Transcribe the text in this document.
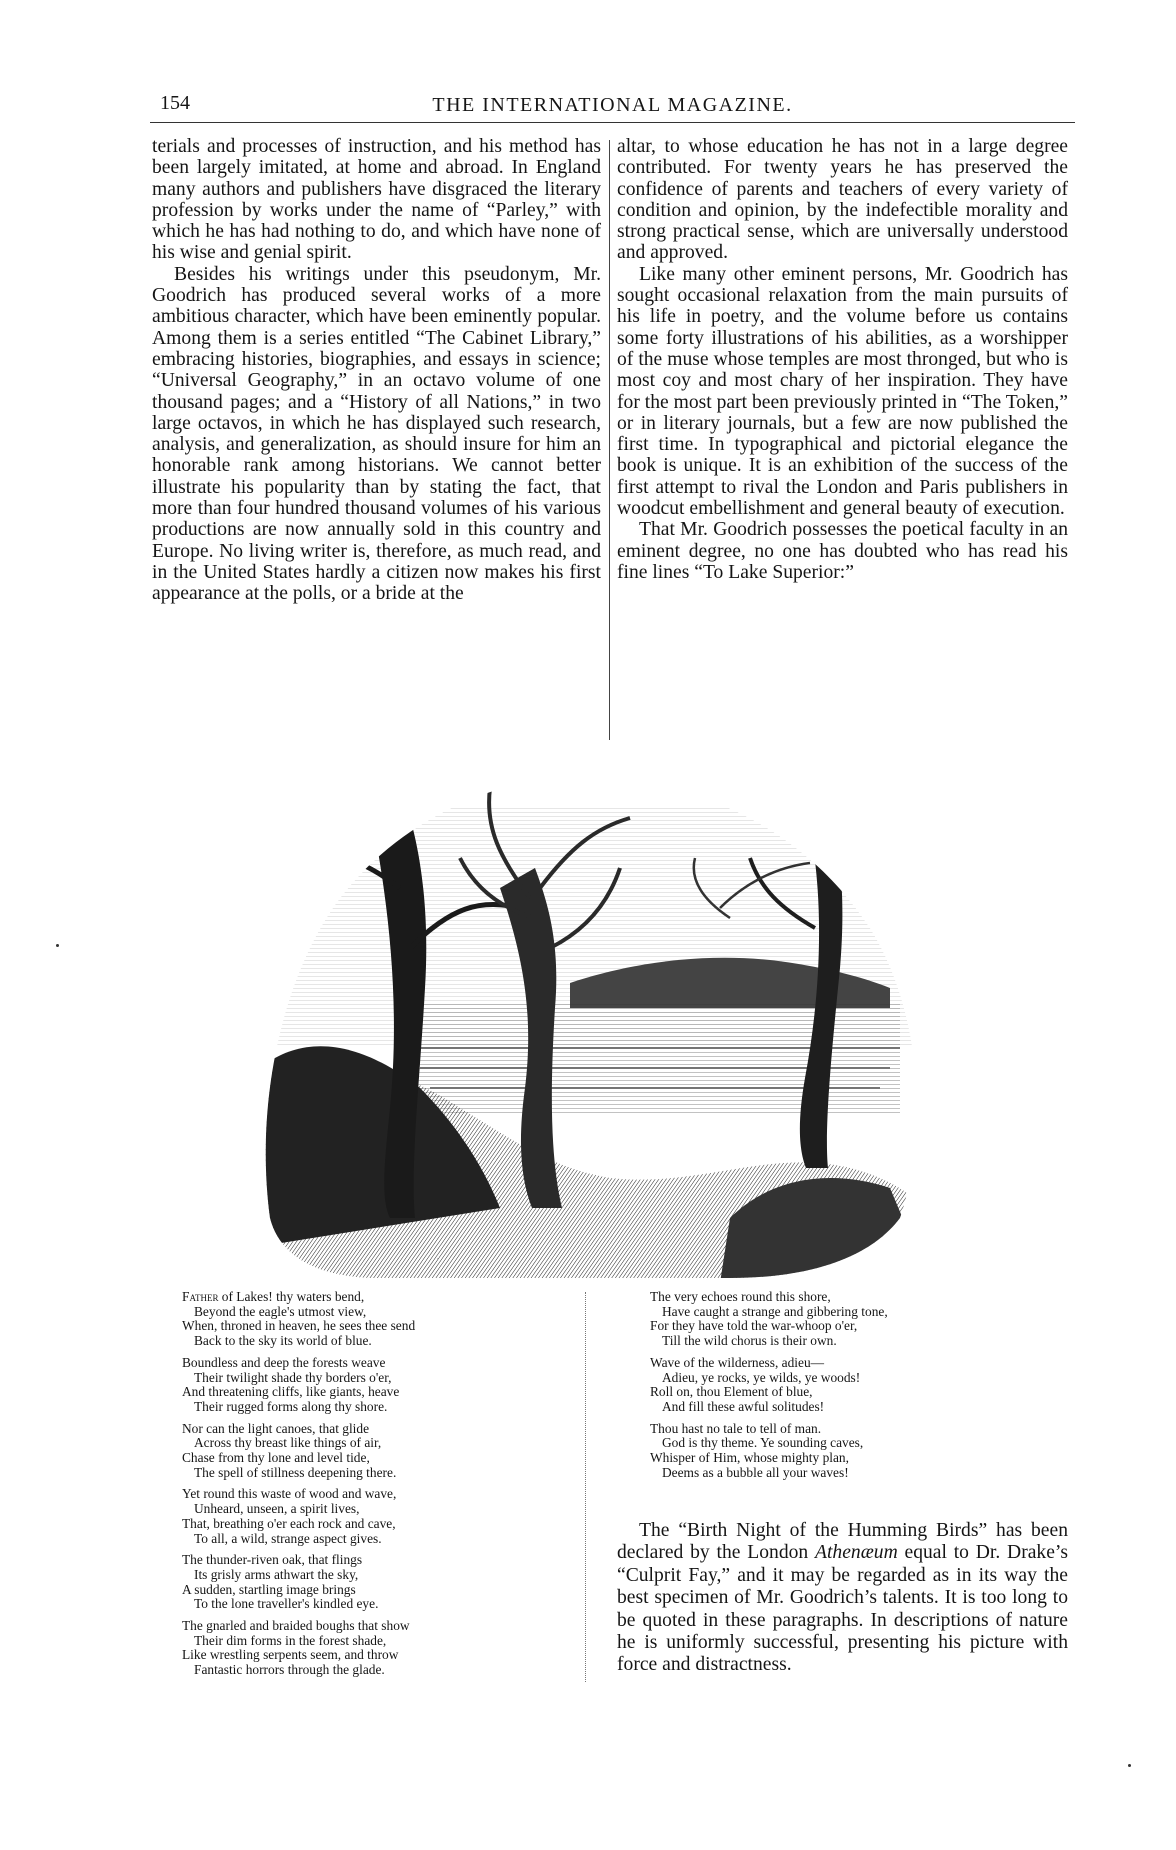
154	THE INTERNATIONAL MAGAZINE.

terials and processes of instruction, and his method has been largely imitated, at home and abroad. In England many authors and publishers have disgraced the literary profession by works under the name of “Parley,” with which he has had nothing to do, and which have none of his wise and genial spirit.

Besides his writings under this pseudonym, Mr. Goodrich has produced several works of a more ambitious character, which have been eminently popular. Among them is a series entitled “The Cabinet Library,” embracing histories, biographies, and essays in science; “Universal Geography,” in an octavo volume of one thousand pages; and a “History of all Nations,” in two large octavos, in which he has displayed such research, analysis, and generalization, as should insure for him an honorable rank among historians. We cannot better illustrate his popularity than by stating the fact, that more than four hundred thousand volumes of his various productions are now annually sold in this country and Europe. No living writer is, therefore, as much read, and in the United States hardly a citizen now makes his first appearance at the polls, or a bride at the

altar, to whose education he has not in a large degree contributed. For twenty years he has preserved the confidence of parents and teachers of every variety of condition and opinion, by the indefectible morality and strong practical sense, which are universally understood and approved.

Like many other eminent persons, Mr. Goodrich has sought occasional relaxation from the main pursuits of his life in poetry, and the volume before us contains some forty illustrations of his abilities, as a worshipper of the muse whose temples are most thronged, but who is most coy and most chary of her inspiration. They have for the most part been previously printed in “The Token,” or in literary journals, but a few are now published the first time. In typographical and pictorial elegance the book is unique. It is an exhibition of the success of the first attempt to rival the London and Paris publishers in woodcut embellishment and general beauty of execution.

That Mr. Goodrich possesses the poetical faculty in an eminent degree, no one has doubted who has read his fine lines “To Lake Superior:”

Father of Lakes! thy waters bend,
Beyond the eagle's utmost view,
When, throned in heaven, he sees thee send
Back to the sky its world of blue.
Boundless and deep the forests weave
Their twilight shade thy borders o'er,
And threatening cliffs, like giants, heave
Their rugged forms along thy shore.
Nor can the light canoes, that glide
Across thy breast like things of air,
Chase from thy lone and level tide,
The spell of stillness deepening there.
Yet round this waste of wood and wave,
Unheard, unseen, a spirit lives,
That, breathing o'er each rock and cave,
To all, a wild, strange aspect gives.
The thunder-riven oak, that flings
Its grisly arms athwart the sky,
A sudden, startling image brings
To the lone traveller's kindled eye.
The gnarled and braided boughs that show
Their dim forms in the forest shade,
Like wrestling serpents seem, and throw
Fantastic horrors through the glade.
The very echoes round this shore,
Have caught a strange and gibbering tone,
For they have told the war-whoop o'er,
Till the wild chorus is their own.
Wave of the wilderness, adieu—
Adieu, ye rocks, ye wilds, ye woods!
Roll on, thou Element of blue,
And fill these awful solitudes!
Thou hast no tale to tell of man.
God is thy theme. Ye sounding caves,
Whisper of Him, whose mighty plan,
Deems as a bubble all your waves!

The “Birth Night of the Humming Birds” has been declared by the London Athenæum equal to Dr. Drake’s “Culprit Fay,” and it may be regarded as in its way the best specimen of Mr. Goodrich’s talents. It is too long to be quoted in these paragraphs. In descriptions of nature he is uniformly successful, presenting his picture with force and distractness.
